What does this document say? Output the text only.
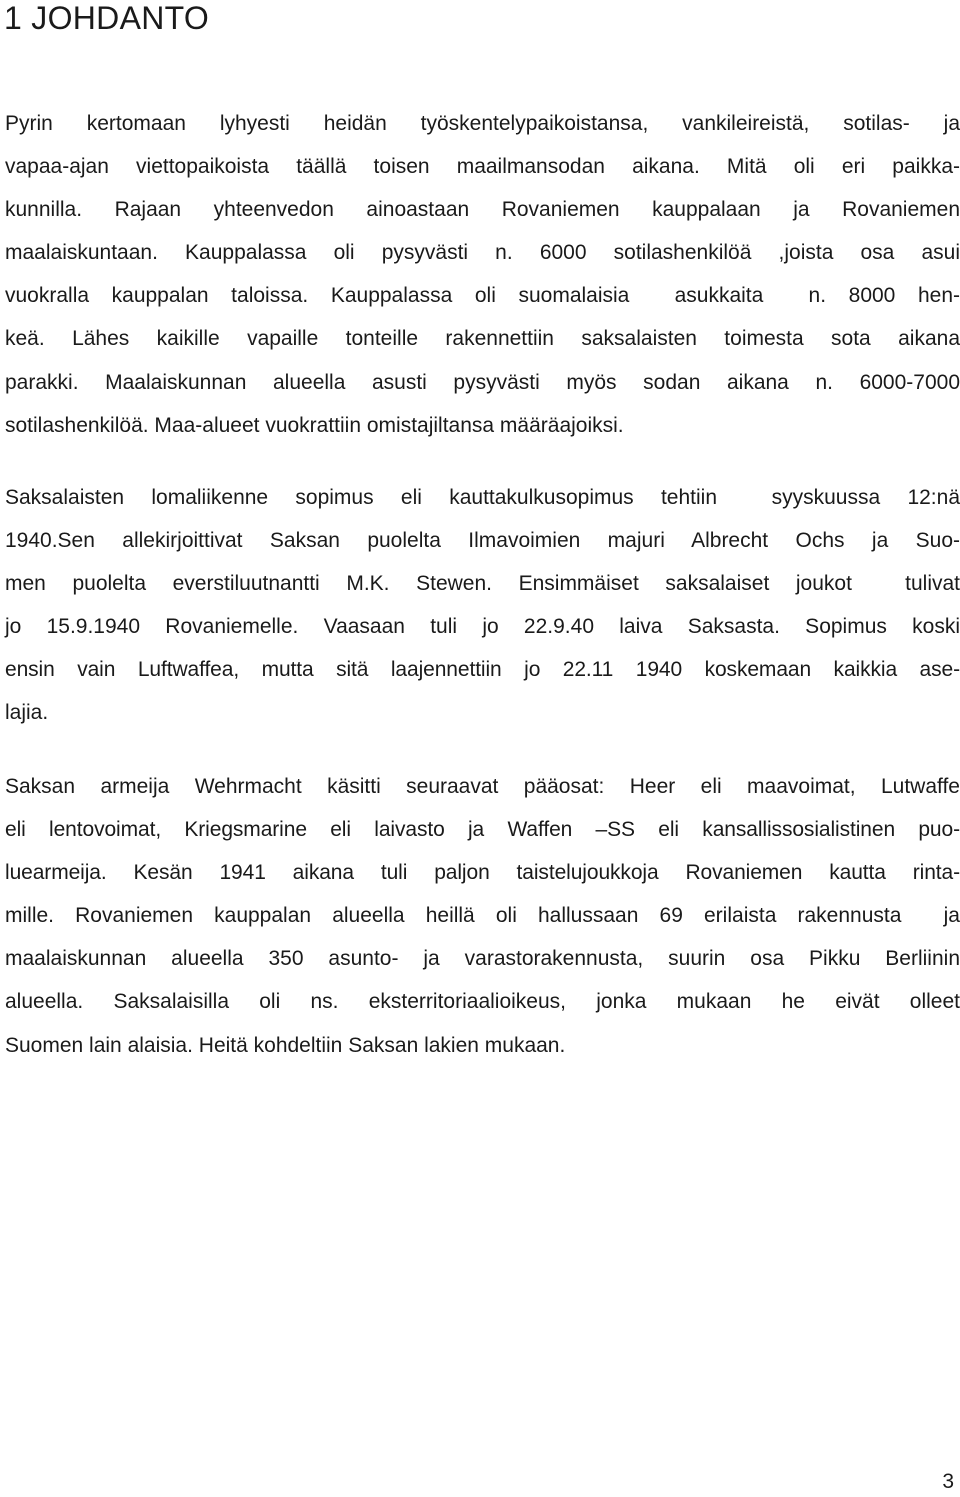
1 JOHDANTO
Pyrin kertomaan lyhyesti heidän työskentelypaikoistansa, vankileireistä, sotilas- ja
vapaa-ajan viettopaikoista täällä toisen maailmansodan aikana. Mitä oli eri paikka-
kunnilla. Rajaan yhteenvedon ainoastaan Rovaniemen kauppalaan ja Rovaniemen
maalaiskuntaan. Kauppalassa oli pysyvästi n. 6000 sotilashenkilöä ,joista osa asui
vuokralla kauppalan taloissa. Kauppalassa oli suomalaisia  asukkaita  n. 8000 hen-
keä. Lähes kaikille vapaille tonteille rakennettiin saksalaisten toimesta sota aikana
parakki. Maalaiskunnan alueella asusti pysyvästi myös sodan aikana n. 6000-7000
sotilashenkilöä. Maa-alueet vuokrattiin omistajiltansa määräajoiksi.
Saksalaisten lomaliikenne sopimus eli kauttakulkusopimus tehtiin  syyskuussa 12:nä
1940.Sen allekirjoittivat Saksan puolelta Ilmavoimien majuri Albrecht Ochs ja Suo-
men puolelta everstiluutnantti M.K. Stewen. Ensimmäiset saksalaiset joukot  tulivat
jo 15.9.1940 Rovaniemelle. Vaasaan tuli jo 22.9.40 laiva Saksasta. Sopimus koski
ensin vain Luftwaffea, mutta sitä laajennettiin jo 22.11 1940 koskemaan kaikkia ase-
lajia.
Saksan armeija Wehrmacht käsitti seuraavat pääosat: Heer eli maavoimat, Lutwaffe
eli lentovoimat, Kriegsmarine eli laivasto ja Waffen –SS eli kansallissosialistinen puo-
luearmeija. Kesän 1941 aikana tuli paljon taistelujoukkoja Rovaniemen kautta rinta-
mille. Rovaniemen kauppalan alueella heillä oli hallussaan 69 erilaista rakennusta  ja
maalaiskunnan alueella 350 asunto- ja varastorakennusta, suurin osa Pikku Berliinin
alueella. Saksalaisilla oli ns. eksterritoriaalioikeus, jonka mukaan he eivät olleet
Suomen lain alaisia. Heitä kohdeltiin Saksan lakien mukaan.
3
